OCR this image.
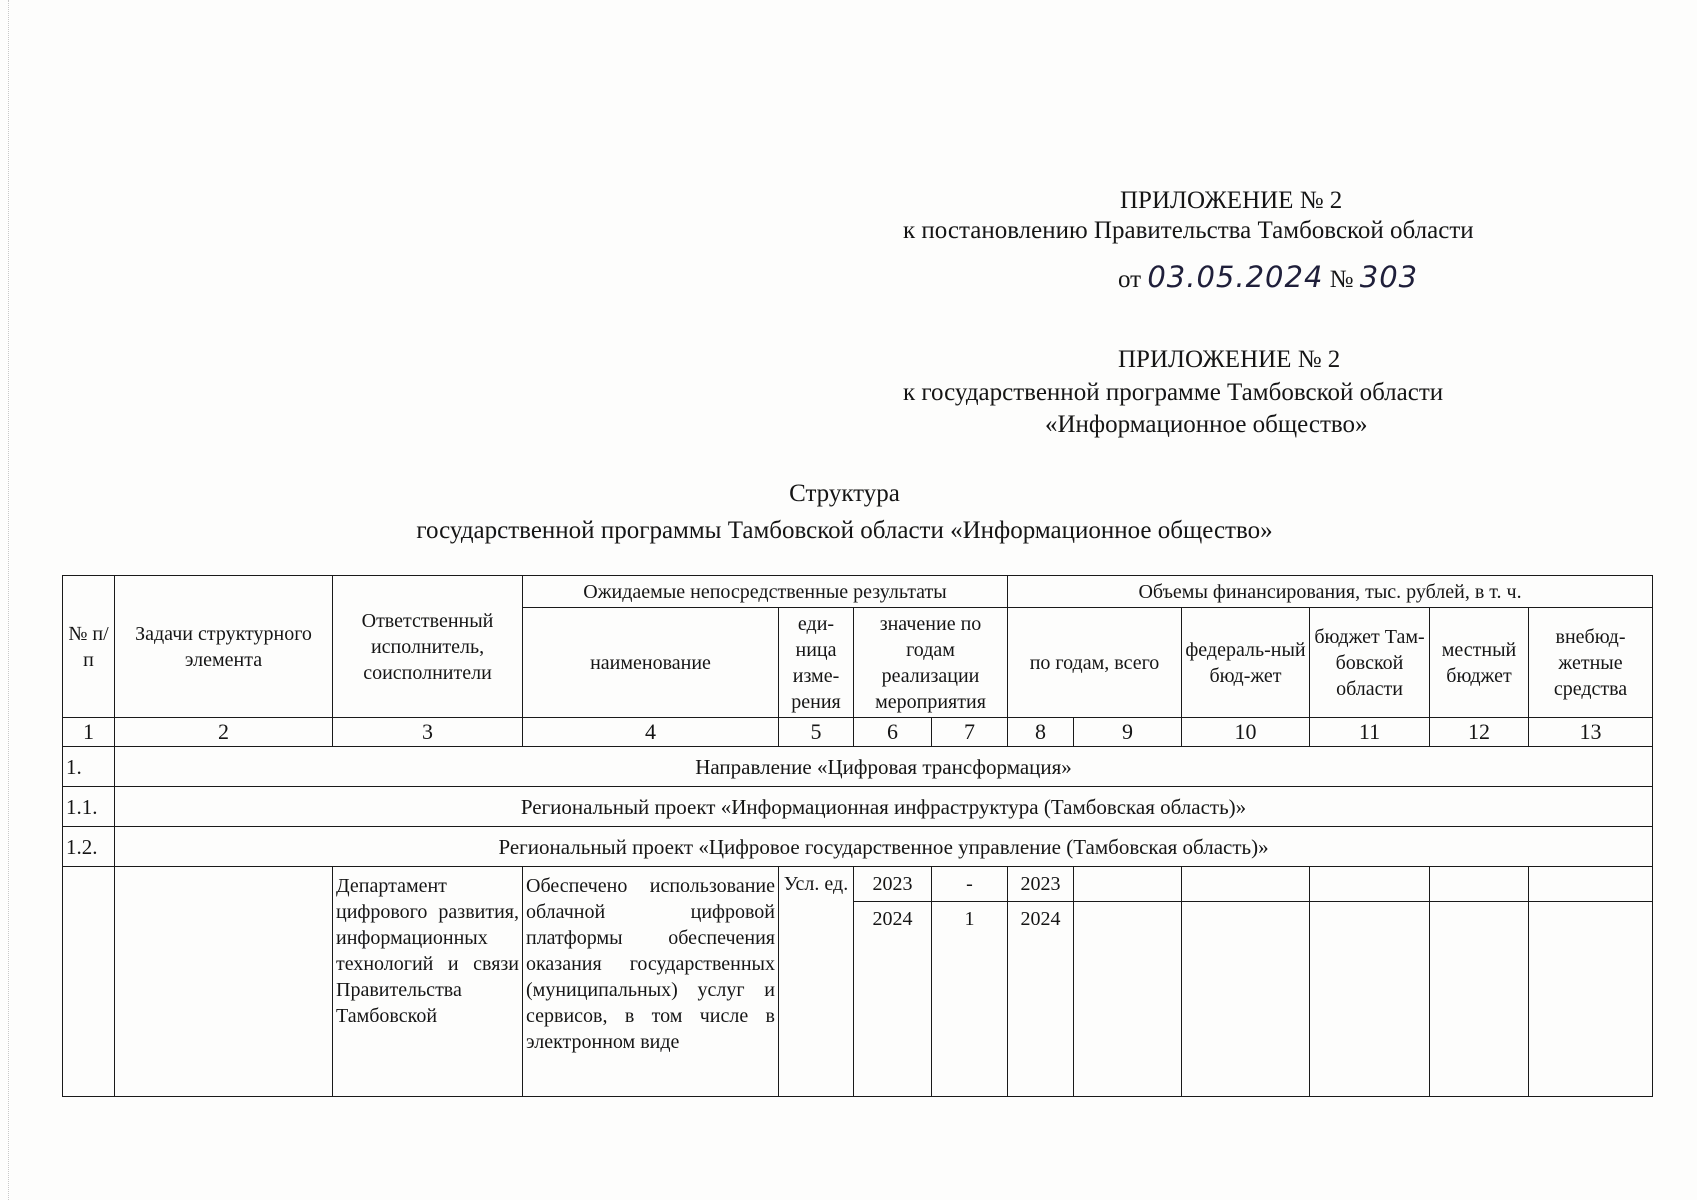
ПРИЛОЖЕНИЕ № 2
к постановлению Правительства Тамбовской области
от 03.05.2024 № 303
ПРИЛОЖЕНИЕ № 2
к государственной программе Тамбовской области
«Информационное общество»
Структура
государственной программы Тамбовской области «Информационное общество»
№ п/п	Задачи структурного элемента	Ответственный исполнитель, соисполнители	Ожидаемые непосредственные результаты				Объемы финансирования, тыс. рублей, в т. ч.					
			наименование	еди-ница изме-рения	значение по годам реализации мероприятия		по годам, всего		федераль-ный бюд-жет	бюджет Там-бовской области	местный бюджет	внебюд-жетные средства
1	2	3	4	5	6	7	8	9	10	11	12	13
1.	Направление «Цифровая трансформация»											
1.1.	Региональный проект «Информационная инфраструктура (Тамбовская область)»											
1.2.	Региональный проект «Цифровое государственное управление (Тамбовская область)»											
		Департамент цифрового развития, информационных технологий и связи Правительства Тамбовской	Обеспечено использование облачной цифровой платформы обеспечения оказания государственных (муниципальных) услуг и сервисов, в том числе в электронном виде	Усл. ед.	2023	-	2023					
					2024	1	2024					
